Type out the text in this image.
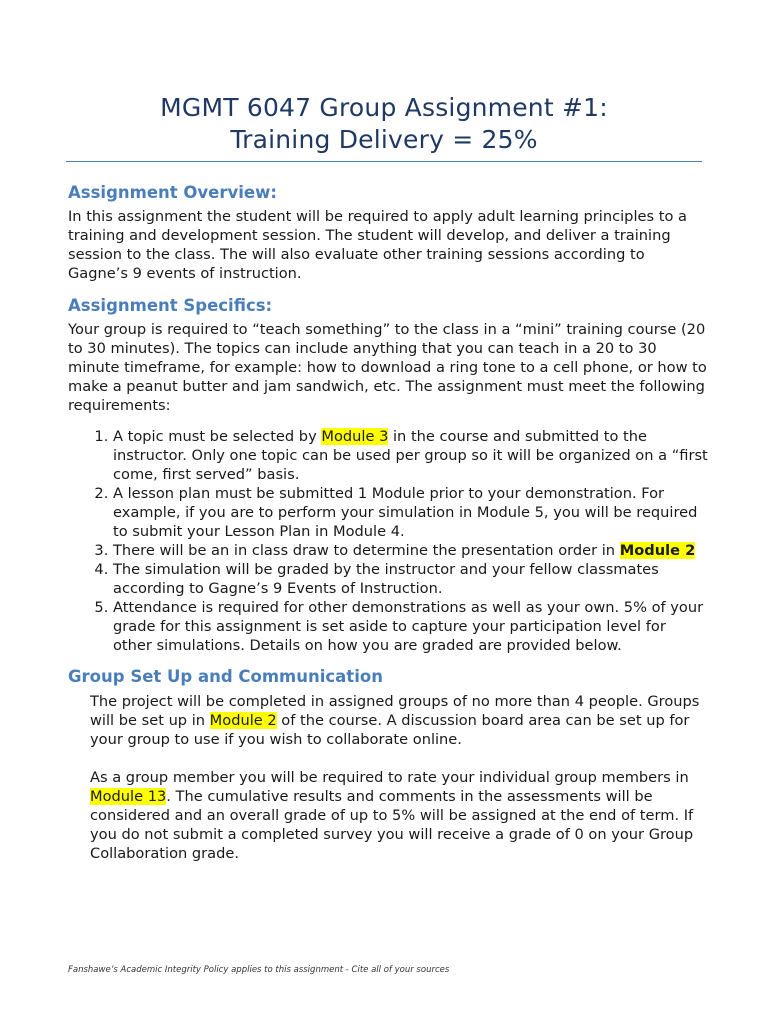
MGMT 6047 Group Assignment #1:
Training Delivery = 25%
Assignment Overview:

In this assignment the student will be required to apply adult learning principles to a training and development session. The student will develop, and deliver a training session to the class. The will also evaluate other training sessions according to Gagne’s 9 events of instruction.

Assignment Specifics:

Your group is required to “teach something” to the class in a “mini” training course (20 to 30 minutes). The topics can include anything that you can teach in a 20 to 30 minute timeframe, for example: how to download a ring tone to a cell phone, or how to make a peanut butter and jam sandwich, etc. The assignment must meet the following requirements:

1. A topic must be selected by Module 3 in the course and submitted to the instructor. Only one topic can be used per group so it will be organized on a “first come, first served” basis.
2. A lesson plan must be submitted 1 Module prior to your demonstration. For example, if you are to perform your simulation in Module 5, you will be required to submit your Lesson Plan in Module 4.
3. There will be an in class draw to determine the presentation order in Module 2
4. The simulation will be graded by the instructor and your fellow classmates according to Gagne’s 9 Events of Instruction.
5. Attendance is required for other demonstrations as well as your own. 5% of your grade for this assignment is set aside to capture your participation level for other simulations. Details on how you are graded are provided below.
Group Set Up and Communication

The project will be completed in assigned groups of no more than 4 people. Groups will be set up in Module 2 of the course. A discussion board area can be set up for your group to use if you wish to collaborate online.

As a group member you will be required to rate your individual group members in Module 13. The cumulative results and comments in the assessments will be considered and an overall grade of up to 5% will be assigned at the end of term. If you do not submit a completed survey you will receive a grade of 0 on your Group Collaboration grade.

Fanshawe’s Academic Integrity Policy applies to this assignment - Cite all of your sources
